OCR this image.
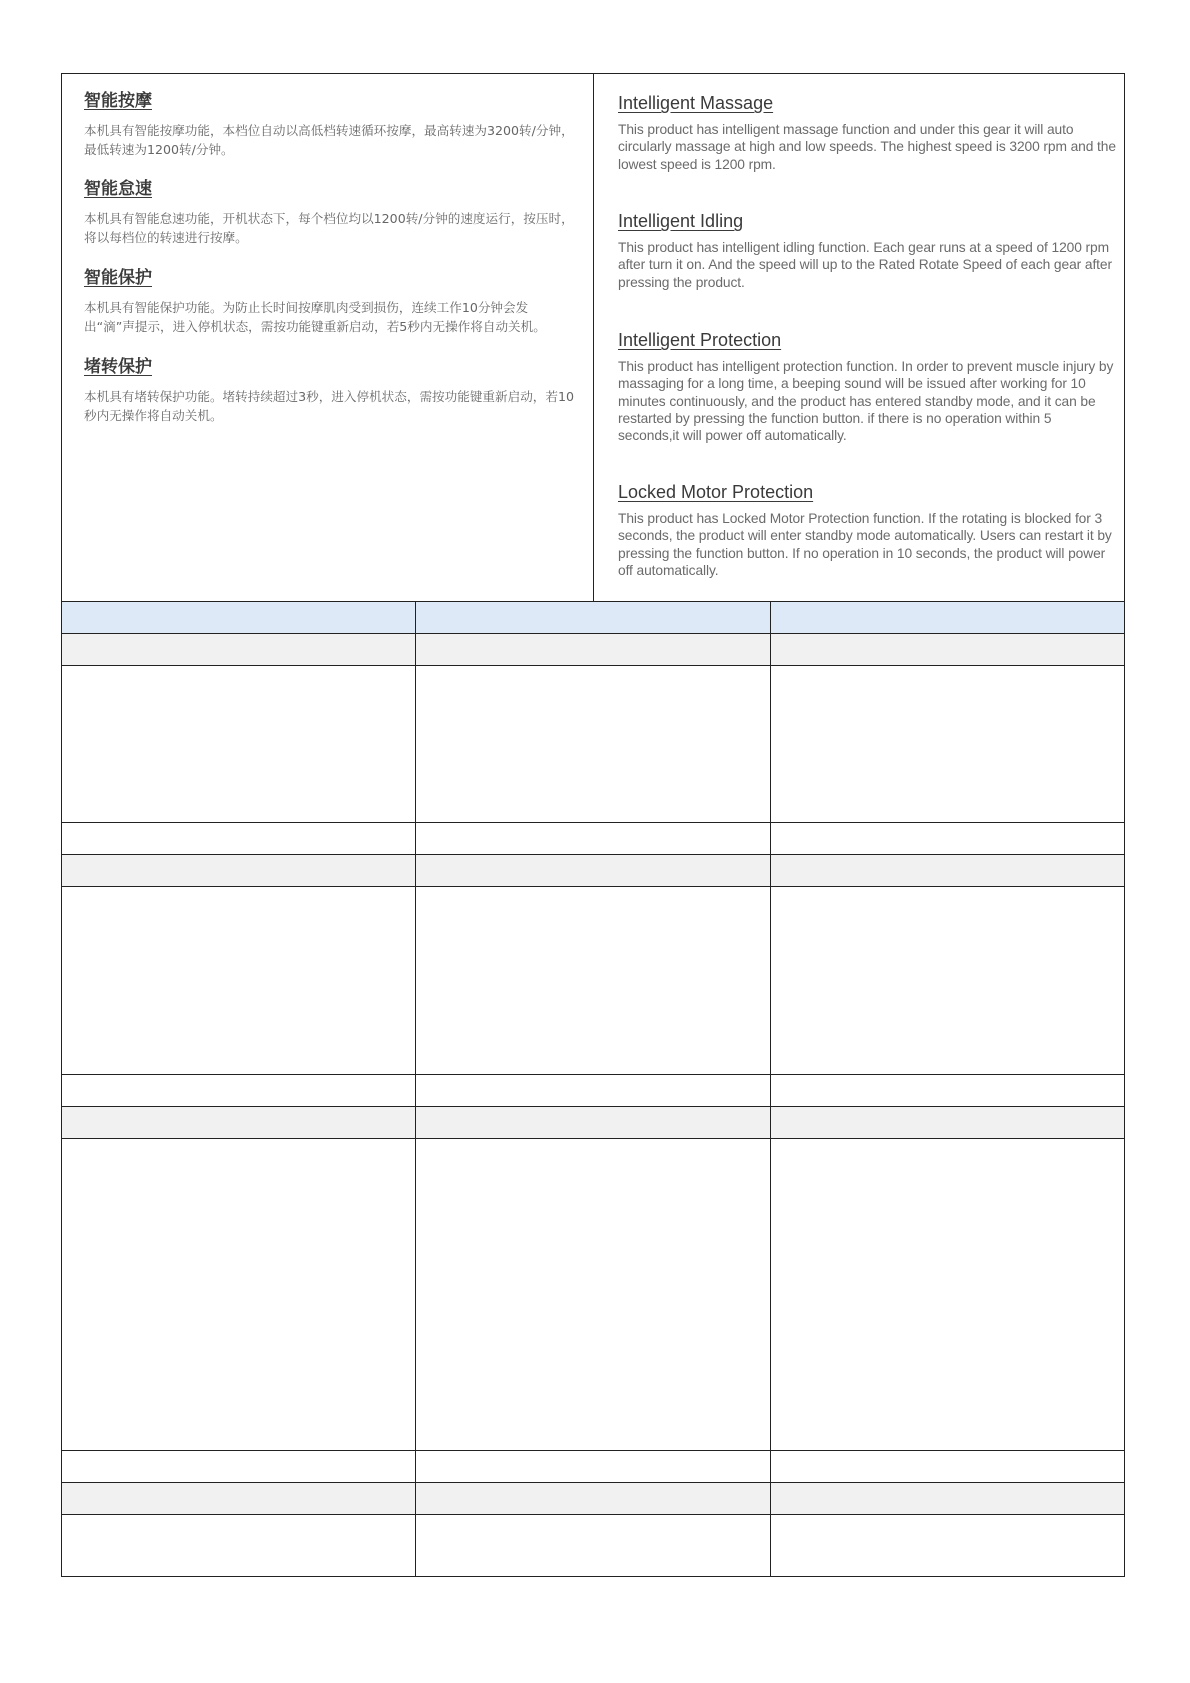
智能按摩

本机具有智能按摩功能，本档位自动以高低档转速循环按摩，最高转速为3200转/分钟，最低转速为1200转/分钟。

智能怠速

本机具有智能怠速功能，开机状态下，每个档位均以1200转/分钟的速度运行，按压时，将以每档位的转速进行按摩。

智能保护

本机具有智能保护功能。为防止长时间按摩肌肉受到损伤，连续工作10分钟会发出“滴”声提示，进入停机状态，需按功能键重新启动，若5秒内无操作将自动关机。

堵转保护

本机具有堵转保护功能。堵转持续超过3秒，进入停机状态，需按功能键重新启动，若10秒内无操作将自动关机。

Intelligent Massage

This product has intelligent massage function and under this gear it will auto circularly massage at high and low speeds. The highest speed is 3200 rpm and the lowest speed is 1200 rpm.

Intelligent Idling

This product has intelligent idling function. Each gear runs at a speed of 1200 rpm after turn it on. And the speed will up to the Rated Rotate Speed of each gear after pressing the product.

Intelligent Protection

This product has intelligent protection function. In order to prevent muscle injury by massaging for a long time, a beeping sound will be issued after working for 10 minutes continuously, and the product has entered standby mode, and it can be restarted by pressing the function button. if there is no operation within 5 seconds,it will power off automatically.

Locked Motor Protection

This product has Locked Motor Protection function. If the rotating is blocked for 3 seconds, the product will enter standby mode automatically. Users can restart it by pressing the function button. If no operation in 10 seconds, the product will power off automatically.
